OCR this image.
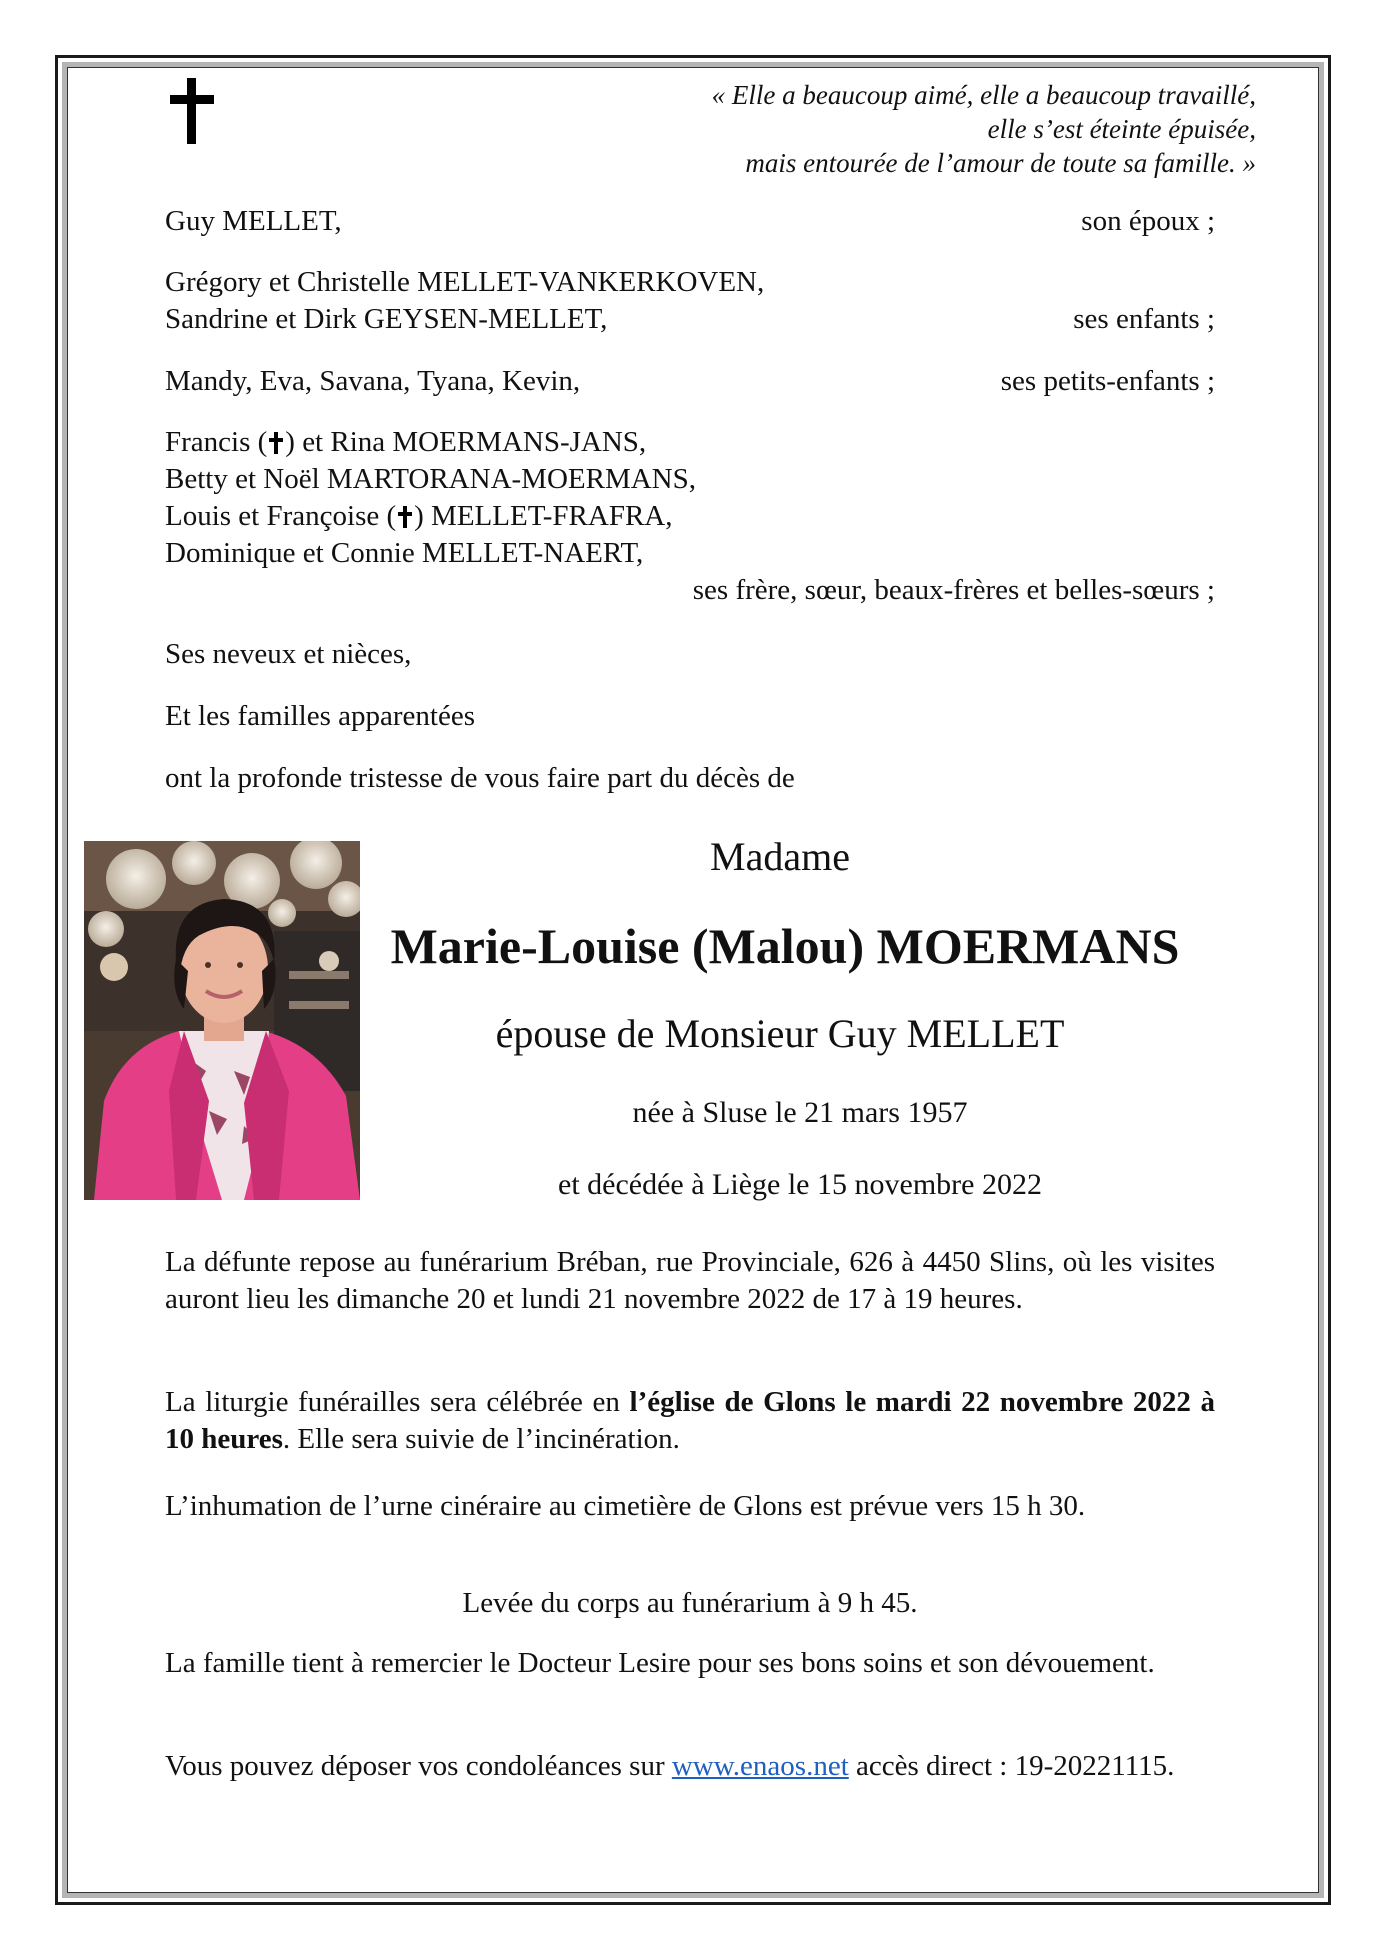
« Elle a beaucoup aimé, elle a beaucoup travaillé,
elle s’est éteinte épuisée,
mais entourée de l’amour de toute sa famille. »
Guy MELLET,	son époux ;
Grégory et Christelle MELLET-VANKERKOVEN,
Sandrine et Dirk GEYSEN-MELLET,	ses enfants ;
Mandy, Eva, Savana, Tyana, Kevin,	ses petits-enfants ;
Francis ( ) et Rina MOERMANS-JANS,
Betty et Noël MARTORANA-MOERMANS,
Louis et Françoise ( ) MELLET-FRAFRA,
Dominique et Connie MELLET-NAERT,
ses frère, sœur, beaux-frères et belles-sœurs ;
Ses neveux et nièces,
Et les familles apparentées
ont la profonde tristesse de vous faire part du décès de
Madame
Marie-Louise (Malou) MOERMANS
épouse de Monsieur Guy MELLET
née à Sluse le 21 mars 1957
et décédée à Liège le 15 novembre 2022
La défunte repose au funérarium Bréban, rue Provinciale, 626 à 4450 Slins, où les visites auront lieu les dimanche 20 et lundi 21 novembre 2022 de 17 à 19 heures.
La liturgie funérailles sera célébrée en l’église de Glons le mardi 22 novembre 2022 à 10 heures. Elle sera suivie de l’incinération.
L’inhumation de l’urne cinéraire au cimetière de Glons est prévue vers 15 h 30.
Levée du corps au funérarium à 9 h 45.
La famille tient à remercier le Docteur Lesire pour ses bons soins et son dévouement.
Vous pouvez déposer vos condoléances sur www.enaos.net accès direct : 19-20221115.
